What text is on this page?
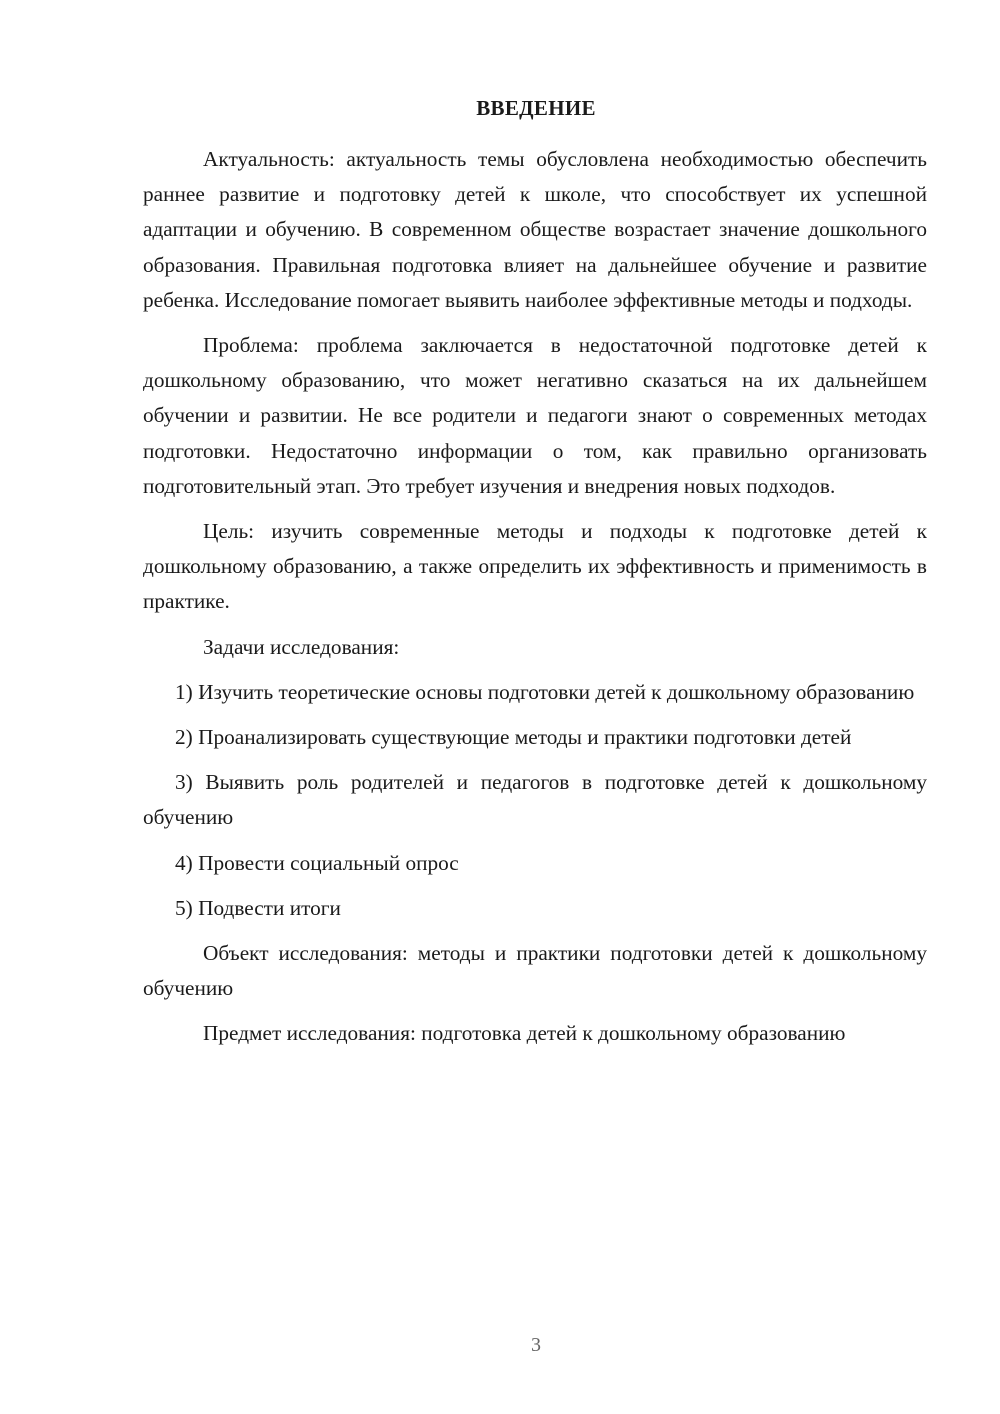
ВВЕДЕНИЕ

Актуальность: актуальность темы обусловлена необходимостью обеспечить раннее развитие и подготовку детей к школе, что способствует их успешной адаптации и обучению. В современном обществе возрастает значение дошкольного образования. Правильная подготовка влияет на дальнейшее обучение и развитие ребенка. Исследование помогает выявить наиболее эффективные методы и подходы.

Проблема: проблема заключается в недостаточной подготовке детей к дошкольному образованию, что может негативно сказаться на их дальнейшем обучении и развитии. Не все родители и педагоги знают о современных методах подготовки. Недостаточно информации о том, как правильно организовать подготовительный этап. Это требует изучения и внедрения новых подходов.

Цель: изучить современные методы и подходы к подготовке детей к дошкольному образованию, а также определить их эффективность и применимость в практике.

Задачи исследования:

1) Изучить теоретические основы подготовки детей к дошкольному образованию

2) Проанализировать существующие методы и практики подготовки детей

3) Выявить роль родителей и педагогов в подготовке детей к дошкольному обучению

4) Провести социальный опрос

5) Подвести итоги

Объект исследования: методы и практики подготовки детей к дошкольному обучению

Предмет исследования: подготовка детей к дошкольному образованию

3
